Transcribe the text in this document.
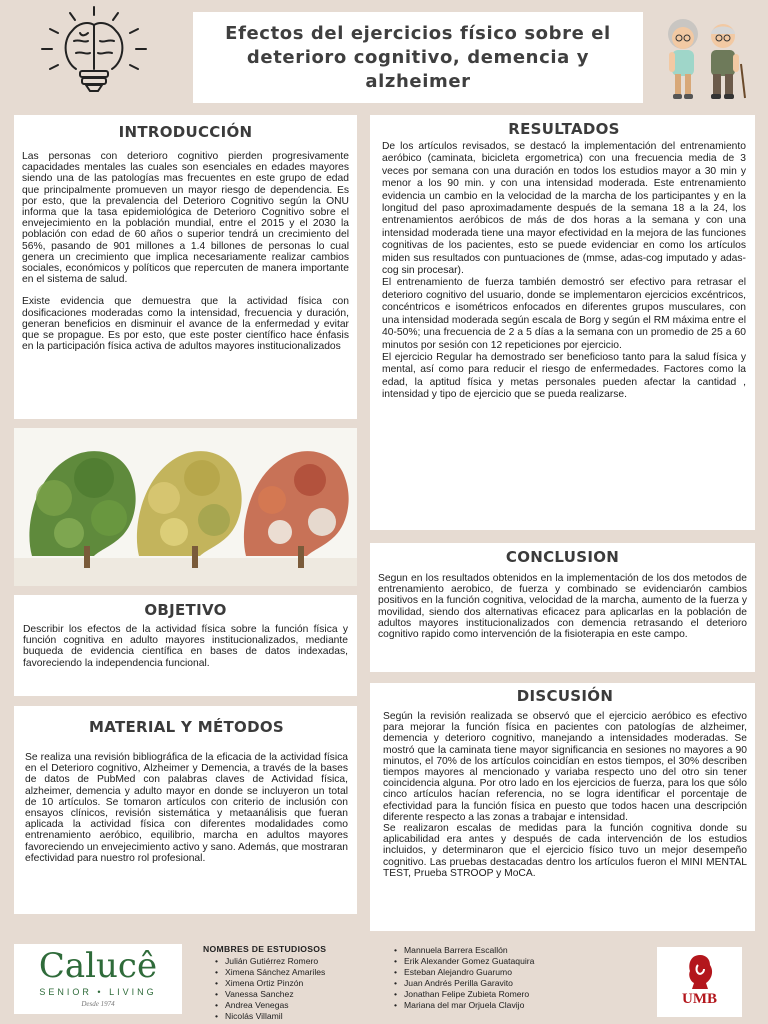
Efectos del ejercicios físico sobre el deterioro cognitivo, demencia y alzheimer
INTRODUCCIÓN

Las personas con deterioro cognitivo pierden progresivamente capacidades mentales las cuales son esenciales en edades mayores siendo una de las patologías mas frecuentes en este grupo de edad que principalmente promueven un mayor riesgo de dependencia. Es por esto, que la prevalencia del Deterioro Cognitivo según la ONU informa que la tasa epidemiológica de Deterioro Cognitivo sobre el envejecimiento en la población mundial, entre el 2015 y el 2030 la población con edad de 60 años o superior tendrá un crecimiento del 56%, pasando de 901 millones a 1.4 billones de personas lo cual genera un crecimiento que implica necesariamente realizar cambios sociales, económicos y políticos que repercuten de manera importante en el sistema de salud.

Existe evidencia que demuestra que la actividad física con dosificaciones moderadas como la intensidad, frecuencia y duración, generan beneficios en disminuir el avance de la enfermedad y evitar que se propague. Es por esto, que este poster científico hace énfasis en la participación física activa de adultos mayores institucionalizados

OBJETIVO

Describir los efectos de la actividad física sobre la función física y función cognitiva en adulto mayores institucionalizados, mediante buqueda de evidencia científica en bases de datos indexadas, favoreciendo la independencia funcional.

MATERIAL Y MÉTODOS

Se realiza una revisión bibliográfica de la eficacia de la actividad física en el Deterioro cognitivo, Alzheimer y Demencia, a través de la bases de datos de PubMed con palabras claves de Actividad física, alzheimer, demencia y adulto mayor en donde se incluyeron un total de 10 artículos. Se tomaron artículos con criterio de inclusión con ensayos clínicos, revisión sistemática y metaanálisis que fueran aplicada la actividad física con diferentes modalidades como entrenamiento aeróbico, equilibrio, marcha en adultos mayores favoreciendo un envejecimiento activo y sano. Además, que mostraran efectividad para nuestro rol profesional.

RESULTADOS

De los artículos revisados, se destacó la implementación del entrenamiento aeróbico (caminata, bicicleta ergometrica) con una frecuencia media de 3 veces por semana con una duración en todos los estudios mayor a 30 min y menor a los 90 min. y con una intensidad moderada. Este entrenamiento evidencia un cambio en la velocidad de la marcha de los participantes y en la longitud del paso aproximadamente después de la semana 18 a la 24, los entrenamientos aeróbicos de más de dos horas a la semana y con una intensidad moderada tiene una mayor efectividad en la mejora de las funciones cognitivas de los pacientes, esto se puede evidenciar en como los artículos miden sus resultados con puntuaciones de (mmse, adas-cog imputado y adas-cog sin procesar).

El entrenamiento de fuerza también demostró ser efectivo para retrasar el deterioro cognitivo del usuario, donde se implementaron ejercicios excéntricos, concéntricos e isométricos enfocados en diferentes grupos musculares, con una intensidad moderada según escala de Borg y según el RM máxima entre el 40-50%; una frecuencia de 2 a 5 días a la semana con un promedio de 25 a 60 minutos por sesión con 12 repeticiones por ejercicio.

El ejercicio Regular ha demostrado ser beneficioso tanto para la salud física y mental, así como para reducir el riesgo de enfermedades. Factores como la edad, la aptitud física y metas personales pueden afectar la cantidad , intensidad y tipo de ejercicio que se pueda realizarse.

CONCLUSION

Segun en los resultados obtenidos en la implementación de los dos metodos de entrenamiento aerobico, de fuerza y combinado se evidenciarón cambios positivos en la función cognitiva, velocidad de la marcha, aumento de la fuerza y movilidad, siendo dos alternativas eficacez para aplicarlas en la población de adultos mayores institucionalizados con demencia retrasando el deterioro cognitivo rapido como intervención de la fisioterapia en este campo.

DISCUSIÓN

Según la revisión realizada se observó que el ejercicio aeróbico es efectivo para mejorar la función física en pacientes con patologías de alzheimer, demencia y deterioro cognitivo, manejando a intensidades moderadas. Se mostró que la caminata tiene mayor significancia en sesiones no mayores a 90 minutos, el 70% de los artículos coincidían en estos tiempos, el 30% describen tiempos mayores al mencionado y variaba respecto uno del otro sin tener coincidencia alguna. Por otro lado en los ejercicios de fuerza, para los que sólo cinco artículos hacían referencia, no se logra identificar el porcentaje de efectividad para la función física en puesto que todos hacen una descripción diferente respecto a las zonas a trabajar e intensidad.

Se realizaron escalas de medidas para la función cognitiva donde su aplicabilidad era antes y después de cada intervención de los estudios incluidos, y determinaron que el ejercicio físico tuvo un mejor desempeño cognitivo. Las pruebas destacadas dentro los artículos fueron el MINI MENTAL TEST, Prueba STROOP y MoCA.

Calucê
SENIOR • LIVING
Desde 1974
NOMBRES DE ESTUDIOSOS
• Julián Gutiérrez Romero
• Ximena Sánchez Amariles
• Ximena Ortiz Pinzón
• Vanessa Sanchez
• Andrea Venegas
• Nicolás Villamil
• Mannuela Barrera Escallón
• Erik Alexander Gomez Guataquira
• Esteban Alejandro Guarumo
• Juan Andrés Perilla Garavito
• Jonathan Felipe Zubieta Romero
• Mariana del mar Orjuela Clavijo	UMB
